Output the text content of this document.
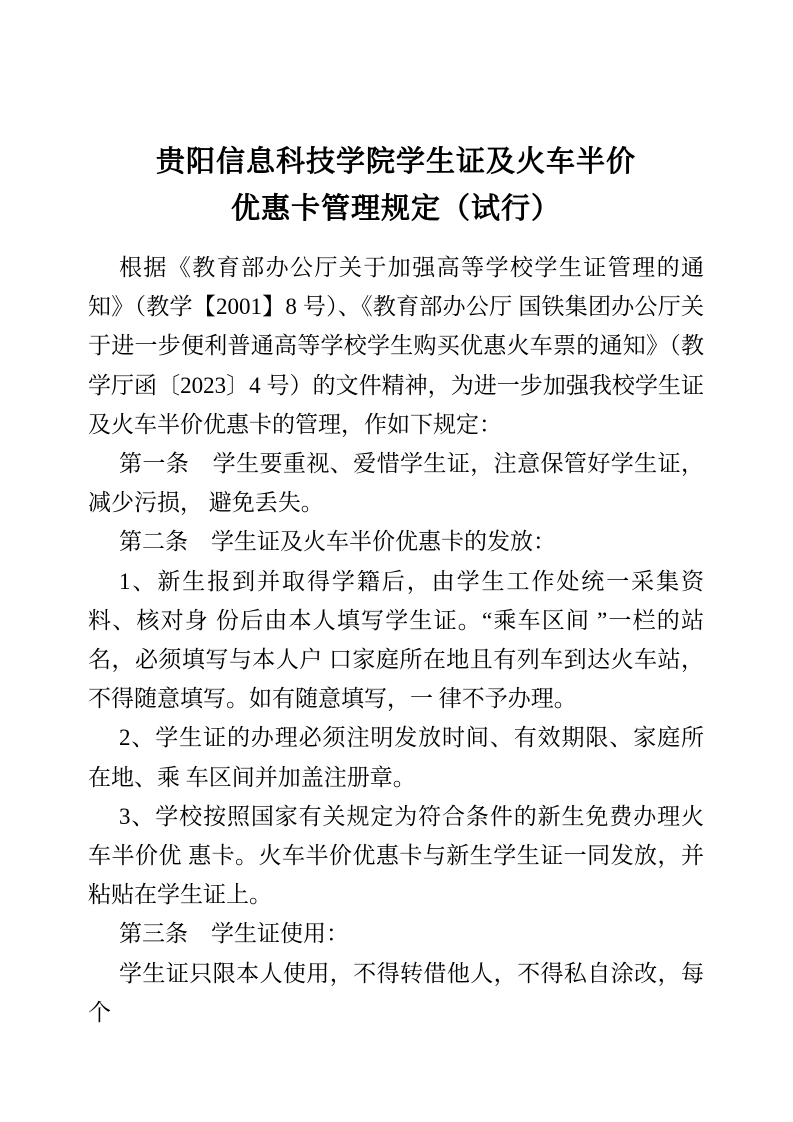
贵阳信息科技学院学生证及火车半价
优惠卡管理规定（试行）

根据《教育部办公厅关于加强高等学校学生证管理的通知》（教学【2001】8 号）、《教育部办公厅 国铁集团办公厅关于进一步便利普通高等学校学生购买优惠火车票的通知》（教学厅函〔2023〕4 号）的文件精神，为进一步加强我校学生证及火车半价优惠卡的管理，作如下规定：

第一条　学生要重视、爱惜学生证，注意保管好学生证，减少污损， 避免丢失。

第二条　学生证及火车半价优惠卡的发放：

1、新生报到并取得学籍后，由学生工作处统一采集资料、核对身 份后由本人填写学生证。“乘车区间 ”一栏的站名，必须填写与本人户 口家庭所在地且有列车到达火车站，不得随意填写。如有随意填写，一 律不予办理。

2、学生证的办理必须注明发放时间、有效期限、家庭所在地、乘 车区间并加盖注册章。

3、学校按照国家有关规定为符合条件的新生免费办理火车半价优 惠卡。火车半价优惠卡与新生学生证一同发放，并粘贴在学生证上。

第三条　学生证使用：

学生证只限本人使用，不得转借他人，不得私自涂改，每个
